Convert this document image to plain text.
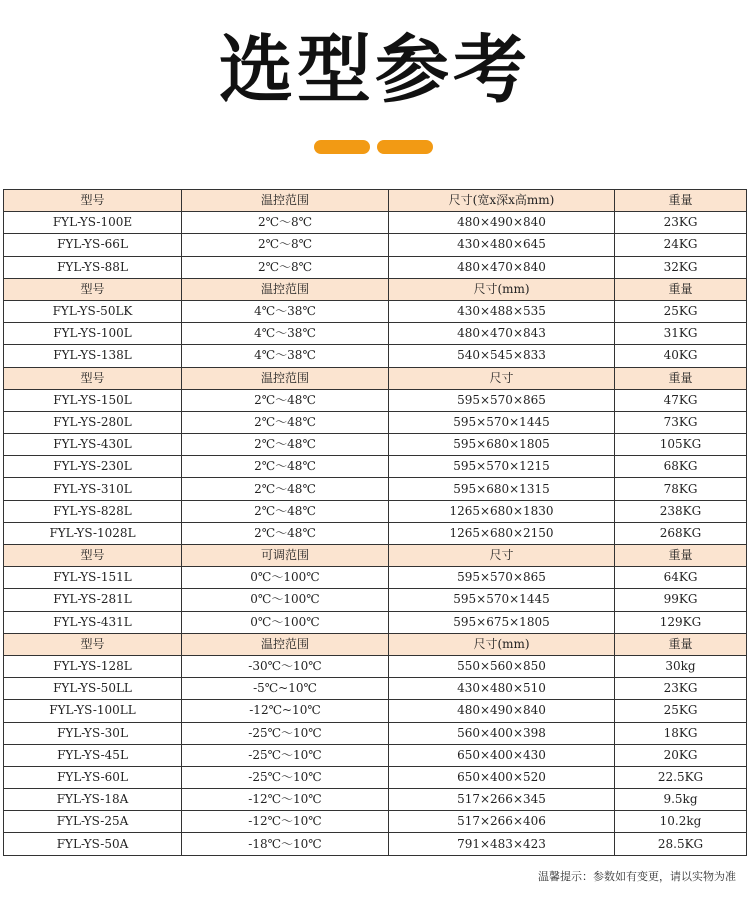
选型参考
型号	温控范围	尺寸(宽x深x高mm)	重量
FYL-YS-100E	2℃～8℃	480×490×840	23KG
FYL-YS-66L	2℃～8℃	430×480×645	24KG
FYL-YS-88L	2℃～8℃	480×470×840	32KG
型号	温控范围	尺寸(mm)	重量
FYL-YS-50LK	4℃～38℃	430×488×535	25KG
FYL-YS-100L	4℃～38℃	480×470×843	31KG
FYL-YS-138L	4℃～38℃	540×545×833	40KG
型号	温控范围	尺寸	重量
FYL-YS-150L	2℃～48℃	595×570×865	47KG
FYL-YS-280L	2℃～48℃	595×570×1445	73KG
FYL-YS-430L	2℃～48℃	595×680×1805	105KG
FYL-YS-230L	2℃～48℃	595×570×1215	68KG
FYL-YS-310L	2℃～48℃	595×680×1315	78KG
FYL-YS-828L	2℃～48℃	1265×680×1830	238KG
FYL-YS-1028L	2℃～48℃	1265×680×2150	268KG
型号	可调范围	尺寸	重量
FYL-YS-151L	0℃～100℃	595×570×865	64KG
FYL-YS-281L	0℃～100℃	595×570×1445	99KG
FYL-YS-431L	0℃～100℃	595×675×1805	129KG
型号	温控范围	尺寸(mm)	重量
FYL-YS-128L	-30℃～10℃	550×560×850	30kg
FYL-YS-50LL	-5℃~10℃	430×480×510	23KG
FYL-YS-100LL	-12℃~10℃	480×490×840	25KG
FYL-YS-30L	-25℃～10℃	560×400×398	18KG
FYL-YS-45L	-25℃～10℃	650×400×430	20KG
FYL-YS-60L	-25℃～10℃	650×400×520	22.5KG
FYL-YS-18A	-12℃～10℃	517×266×345	9.5kg
FYL-YS-25A	-12℃～10℃	517×266×406	10.2kg
FYL-YS-50A	-18℃～10℃	791×483×423	28.5KG
温馨提示：参数如有变更，请以实物为准
